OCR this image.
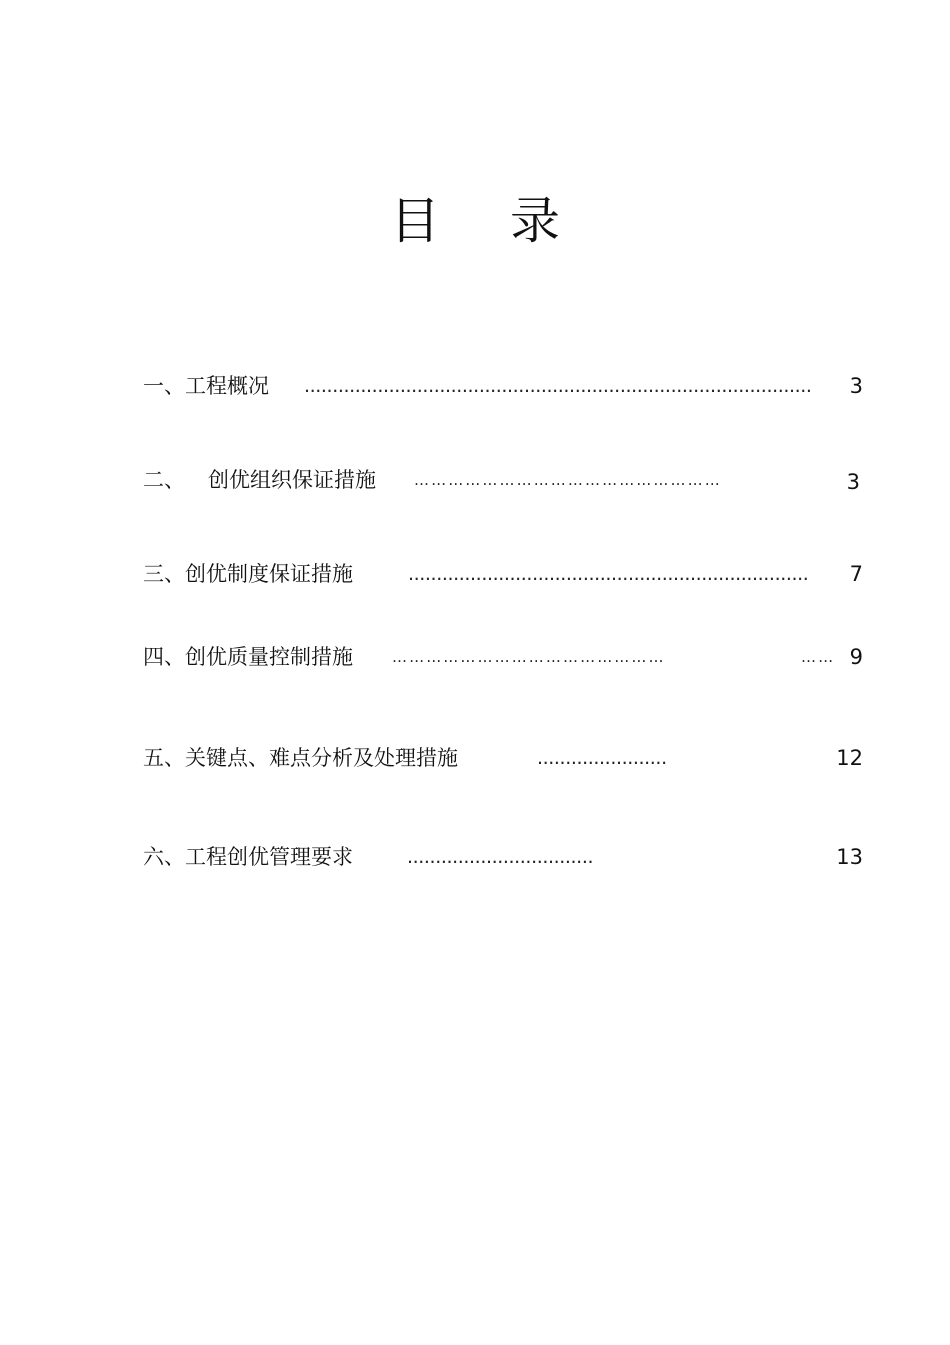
目 录
一、工程概况 ..........................................................................................	3
二、 创优组织保证措施	………………………………………………	3
三、创优制度保证措施	.......................................................................	7
四、创优质量控制措施	…………………………………………	…… 9
五、关键点、难点分析及处理措施	.......................	12
六、工程创优管理要求	.................................	13
